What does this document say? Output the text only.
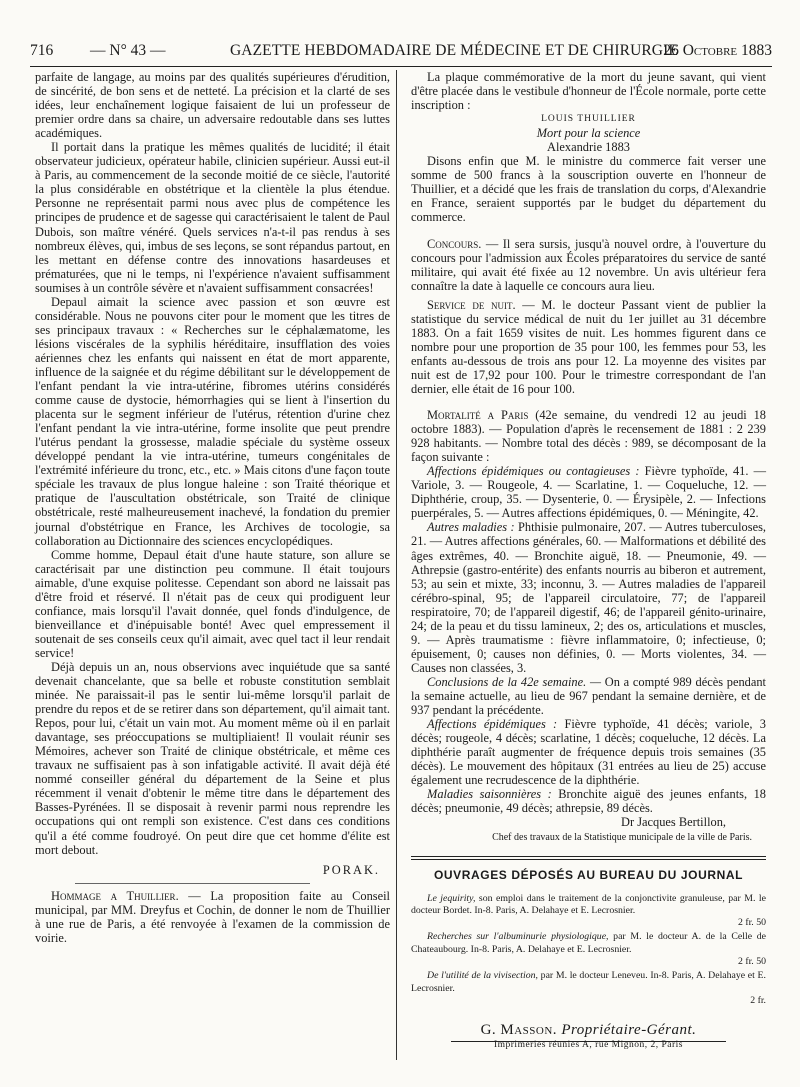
716 — N° 43 —	GAZETTE HEBDOMADAIRE DE MÉDECINE ET DE CHIRURGIE
26 Octobre 1883

parfaite de langage, au moins par des qualités supérieures d'érudition, de sincérité, de bon sens et de netteté. La précision et la clarté de ses idées, leur enchaînement logique faisaient de lui un professeur de premier ordre dans sa chaire, un adversaire redoutable dans ses luttes académiques.

Il portait dans la pratique les mêmes qualités de lucidité; il était observateur judicieux, opérateur habile, clinicien supérieur. Aussi eut-il à Paris, au commencement de la seconde moitié de ce siècle, l'autorité la plus considérable en obstétrique et la clientèle la plus étendue. Personne ne représentait parmi nous avec plus de compétence les principes de prudence et de sagesse qui caractérisaient le talent de Paul Dubois, son maître vénéré. Quels services n'a-t-il pas rendus à ses nombreux élèves, qui, imbus de ses leçons, se sont répandus partout, en les mettant en défense contre des innovations hasardeuses et prématurées, que ni le temps, ni l'expérience n'avaient suffisamment soumises à un contrôle sévère et n'avaient suffisamment consacrées!

Depaul aimait la science avec passion et son œuvre est considérable. Nous ne pouvons citer pour le moment que les titres de ses principaux travaux : « Recherches sur le céphalæmatome, les lésions viscérales de la syphilis héréditaire, insufflation des voies aériennes chez les enfants qui naissent en état de mort apparente, influence de la saignée et du régime débilitant sur le développement de l'enfant pendant la vie intra-utérine, fibromes utérins considérés comme cause de dystocie, hémorrhagies qui se lient à l'insertion du placenta sur le segment inférieur de l'utérus, rétention d'urine chez l'enfant pendant la vie intra-utérine, forme insolite que peut prendre l'utérus pendant la grossesse, maladie spéciale du système osseux développé pendant la vie intra-utérine, tumeurs congénitales de l'extrémité inférieure du tronc, etc., etc. » Mais citons d'une façon toute spéciale les travaux de plus longue haleine : son Traité théorique et pratique de l'auscultation obstétricale, son Traité de clinique obstétricale, resté malheureusement inachevé, la fondation du premier journal d'obstétrique en France, les Archives de tocologie, sa collaboration au Dictionnaire des sciences encyclopédiques.

Comme homme, Depaul était d'une haute stature, son allure se caractérisait par une distinction peu commune. Il était toujours aimable, d'une exquise politesse. Cependant son abord ne laissait pas d'être froid et réservé. Il n'était pas de ceux qui prodiguent leur confiance, mais lorsqu'il l'avait donnée, quel fonds d'indulgence, de bienveillance et d'inépuisable bonté! Avec quel empressement il soutenait de ses conseils ceux qu'il aimait, avec quel tact il leur rendait service!

Déjà depuis un an, nous observions avec inquiétude que sa santé devenait chancelante, que sa belle et robuste constitution semblait minée. Ne paraissait-il pas le sentir lui-même lorsqu'il parlait de prendre du repos et de se retirer dans son département, qu'il aimait tant. Repos, pour lui, c'était un vain mot. Au moment même où il en parlait davantage, ses préoccupations se multipliaient! Il voulait réunir ses Mémoires, achever son Traité de clinique obstétricale, et même ces travaux ne suffisaient pas à son infatigable activité. Il avait déjà été nommé conseiller général du département de la Seine et plus récemment il venait d'obtenir le même titre dans le département des Basses-Pyrénées. Il se disposait à revenir parmi nous reprendre les occupations qui ont rempli son existence. C'est dans ces conditions qu'il a été comme foudroyé. On peut dire que cet homme d'élite est mort debout.

PORAK.

Hommage a Thuillier. — La proposition faite au Conseil municipal, par MM. Dreyfus et Cochin, de donner le nom de Thuillier à une rue de Paris, a été renvoyée à l'examen de la commission de voirie.

La plaque commémorative de la mort du jeune savant, qui vient d'être placée dans le vestibule d'honneur de l'École normale, porte cette inscription :

LOUIS THUILLIER

Mort pour la science

Alexandrie 1883

Disons enfin que M. le ministre du commerce fait verser une somme de 500 francs à la souscription ouverte en l'honneur de Thuillier, et a décidé que les frais de translation du corps, d'Alexandrie en France, seraient supportés par le budget du département du commerce.

Concours. — Il sera sursis, jusqu'à nouvel ordre, à l'ouverture du concours pour l'admission aux Écoles préparatoires du service de santé militaire, qui avait été fixée au 12 novembre. Un avis ultérieur fera connaître la date à laquelle ce concours aura lieu.

Service de nuit. — M. le docteur Passant vient de publier la statistique du service médical de nuit du 1er juillet au 31 décembre 1883. On a fait 1659 visites de nuit. Les hommes figurent dans ce nombre pour une proportion de 35 pour 100, les femmes pour 53, les enfants au-dessous de trois ans pour 12. La moyenne des visites par nuit est de 17,92 pour 100. Pour le trimestre correspondant de l'an dernier, elle était de 16 pour 100.

Mortalité a Paris (42e semaine, du vendredi 12 au jeudi 18 octobre 1883). — Population d'après le recensement de 1881 : 2 239 928 habitants. — Nombre total des décès : 989, se décomposant de la façon suivante :

Affections épidémiques ou contagieuses : Fièvre typhoïde, 41. — Variole, 3. — Rougeole, 4. — Scarlatine, 1. — Coqueluche, 12. — Diphthérie, croup, 35. — Dysenterie, 0. — Érysipèle, 2. — Infections puerpérales, 5. — Autres affections épidémiques, 0. — Méningite, 42.

Autres maladies : Phthisie pulmonaire, 207. — Autres tuberculoses, 21. — Autres affections générales, 60. — Malformations et débilité des âges extrêmes, 40. — Bronchite aiguë, 18. — Pneumonie, 49. — Athrepsie (gastro-entérite) des enfants nourris au biberon et autrement, 53; au sein et mixte, 33; inconnu, 3. — Autres maladies de l'appareil cérébro-spinal, 95; de l'appareil circulatoire, 77; de l'appareil respiratoire, 70; de l'appareil digestif, 46; de l'appareil génito-urinaire, 24; de la peau et du tissu lamineux, 2; des os, articulations et muscles, 9. — Après traumatisme : fièvre inflammatoire, 0; infectieuse, 0; épuisement, 0; causes non définies, 0. — Morts violentes, 34. — Causes non classées, 3.

Conclusions de la 42e semaine. — On a compté 989 décès pendant la semaine actuelle, au lieu de 967 pendant la semaine dernière, et de 937 pendant la précédente.

Affections épidémiques : Fièvre typhoïde, 41 décès; variole, 3 décès; rougeole, 4 décès; scarlatine, 1 décès; coqueluche, 12 décès. La diphthérie paraît augmenter de fréquence depuis trois semaines (35 décès). Le mouvement des hôpitaux (31 entrées au lieu de 25) accuse également une recrudescence de la diphthérie.

Maladies saisonnières : Bronchite aiguë des jeunes enfants, 18 décès; pneumonie, 49 décès; athrepsie, 89 décès.

Dr Jacques Bertillon,

Chef des travaux de la Statistique municipale de la ville de Paris.

OUVRAGES DÉPOSÉS AU BUREAU DU JOURNAL

Le jequirity, son emploi dans le traitement de la conjonctivite granuleuse, par M. le docteur Bordet. In-8. Paris, A. Delahaye et E. Lecrosnier.
2 fr. 50

Recherches sur l'albuminurie physiologique, par M. le docteur A. de la Celle de Chateaubourg. In-8. Paris, A. Delahaye et E. Lecrosnier.
2 fr. 50

De l'utilité de la vivisection, par M. le docteur Leneveu. In-8. Paris, A. Delahaye et E. Lecrosnier.
2 fr.

G. Masson. Propriétaire-Gérant.

Imprimeries réunies A, rue Mignon, 2, Paris
